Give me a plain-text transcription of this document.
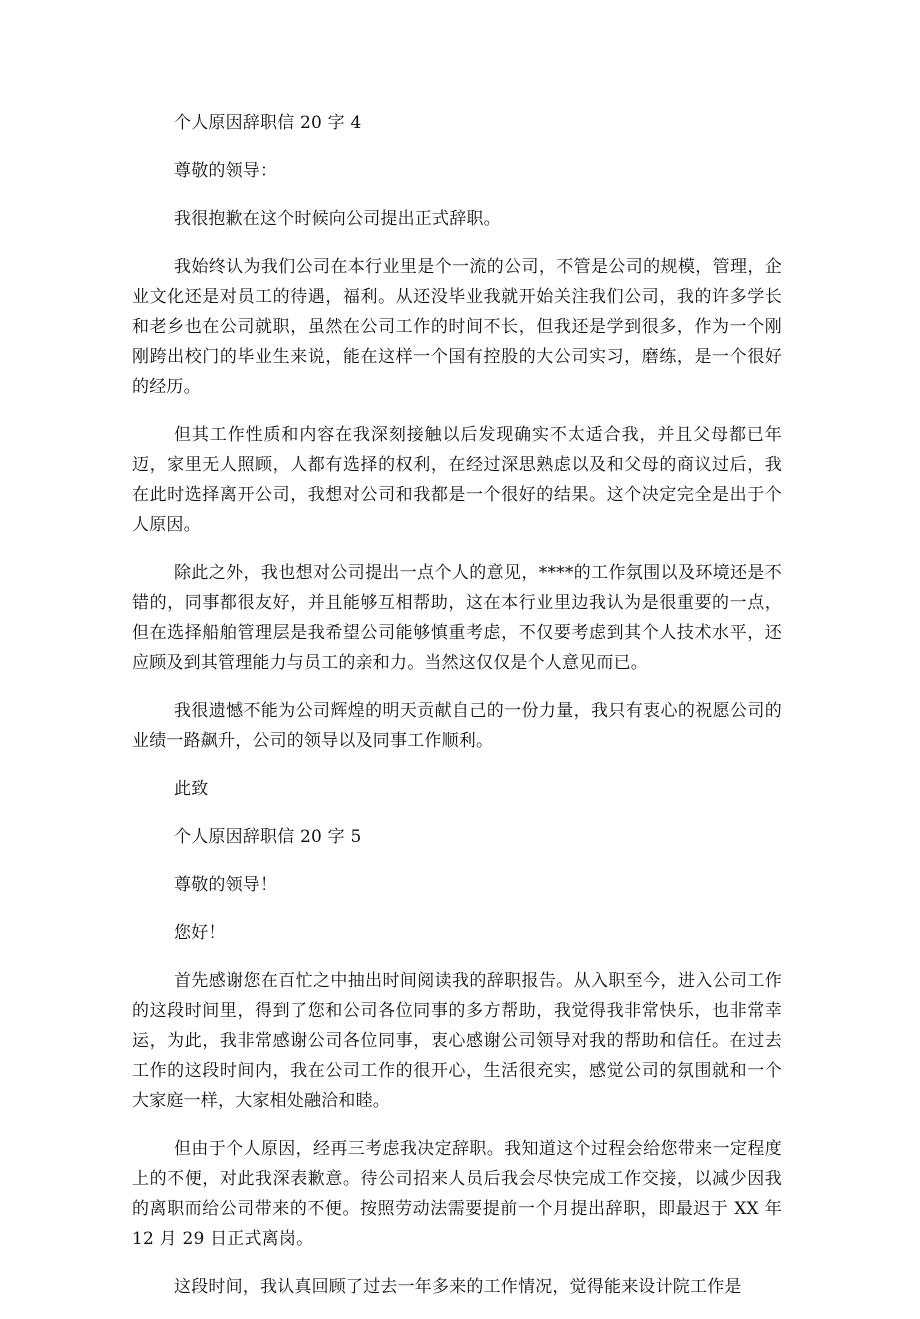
个人原因辞职信 20 字 4
尊敬的领导：
我很抱歉在这个时候向公司提出正式辞职。

我始终认为我们公司在本行业里是个一流的公司，不管是公司的规模，管理，企业文化还是对员工的待遇，福利。从还没毕业我就开始关注我们公司，我的许多学长和老乡也在公司就职，虽然在公司工作的时间不长，但我还是学到很多，作为一个刚刚跨出校门的毕业生来说，能在这样一个国有控股的大公司实习，磨练，是一个很好的经历。

但其工作性质和内容在我深刻接触以后发现确实不太适合我，并且父母都已年迈，家里无人照顾，人都有选择的权利，在经过深思熟虑以及和父母的商议过后，我在此时选择离开公司，我想对公司和我都是一个很好的结果。这个决定完全是出于个人原因。

除此之外，我也想对公司提出一点个人的意见，****的工作氛围以及环境还是不错的，同事都很友好，并且能够互相帮助，这在本行业里边我认为是很重要的一点，但在选择船舶管理层是我希望公司能够慎重考虑，不仅要考虑到其个人技术水平，还应顾及到其管理能力与员工的亲和力。当然这仅仅是个人意见而已。

我很遗憾不能为公司辉煌的明天贡献自己的一份力量，我只有衷心的祝愿公司的业绩一路飙升，公司的领导以及同事工作顺利。

此致
个人原因辞职信 20 字 5
尊敬的领导！
您好！

首先感谢您在百忙之中抽出时间阅读我的辞职报告。从入职至今，进入公司工作的这段时间里，得到了您和公司各位同事的多方帮助，我觉得我非常快乐，也非常幸运，为此，我非常感谢公司各位同事，衷心感谢公司领导对我的帮助和信任。在过去工作的这段时间内，我在公司工作的很开心，生活很充实，感觉公司的氛围就和一个大家庭一样，大家相处融洽和睦。

但由于个人原因，经再三考虑我决定辞职。我知道这个过程会给您带来一定程度上的不便，对此我深表歉意。待公司招来人员后我会尽快完成工作交接，以减少因我的离职而给公司带来的不便。按照劳动法需要提前一个月提出辞职，即最迟于 XX 年 12 月 29 日正式离岗。

这段时间，我认真回顾了过去一年多来的工作情况，觉得能来设计院工作是
